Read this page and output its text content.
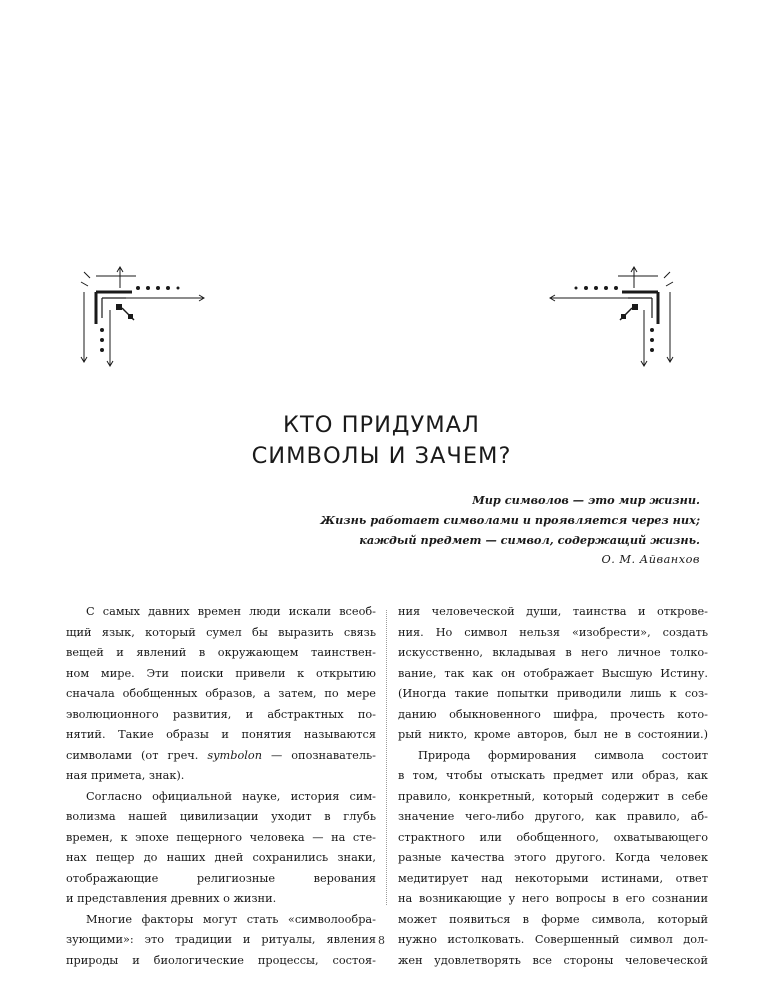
КТО ПРИДУМАЛ
СИМВОЛЫ И ЗАЧЕМ?
Мир символов — это мир жизни.
Жизнь работает символами и проявляется через них;
каждый предмет — символ, содержащий жизнь.
О. М. Айванхов
С самых давних времен люди искали всеоб-
щий язык, который сумел бы выразить связь
вещей и явлений в окружающем таинствен-
ном мире. Эти поиски привели к открытию
сначала обобщенных образов, а затем, по мере
эволюционного развития, и абстрактных по-
нятий. Такие образы и понятия называются
символами (от греч. symbolon — опознаватель-
ная примета, знак).
Согласно официальной науке, история сим-
волизма нашей цивилизации уходит в глубь
времен, к эпохе пещерного человека — на сте-
нах пещер до наших дней сохранились знаки,
отображающие религиозные верования
и представления древних о жизни.
Многие факторы могут стать «символообра-
зующими»: это традиции и ритуалы, явления
природы и биологические процессы, состоя-
ния человеческой души, таинства и открове-
ния. Но символ нельзя «изобрести», создать
искусственно, вкладывая в него личное толко-
вание, так как он отображает Высшую Истину.
(Иногда такие попытки приводили лишь к соз-
данию обыкновенного шифра, прочесть кото-
рый никто, кроме авторов, был не в состоянии.)
Природа формирования символа состоит
в том, чтобы отыскать предмет или образ, как
правило, конкретный, который содержит в себе
значение чего-либо другого, как правило, аб-
страктного или обобщенного, охватывающего
разные качества этого другого. Когда человек
медитирует над некоторыми истинами, ответ
на возникающие у него вопросы в его сознании
может появиться в форме символа, который
нужно истолковать. Совершенный символ дол-
жен удовлетворять все стороны человеческой
8
